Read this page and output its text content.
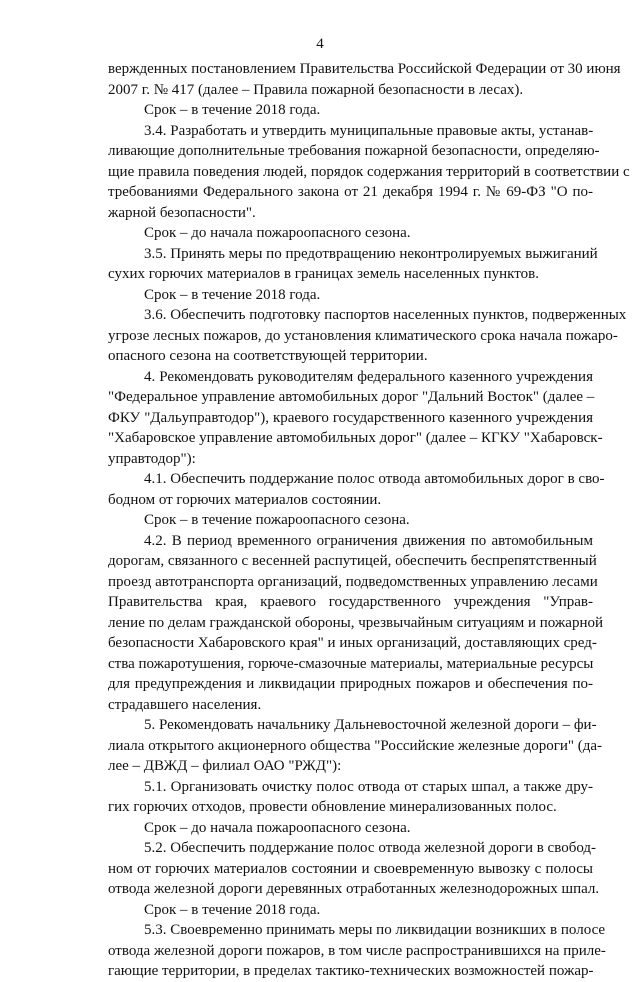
4
вержденных постановлением Правительства Российской Федерации от 30 июня
2007 г. № 417 (далее – Правила пожарной безопасности в лесах).
Срок – в течение 2018 года.
3.4. Разработать и утвердить муниципальные правовые акты, устанав-
ливающие дополнительные требования пожарной безопасности, определяю-
щие правила поведения людей, порядок содержания территорий в соответствии с
требованиями Федерального закона от 21 декабря 1994 г. № 69-ФЗ "О по-
жарной безопасности".
Срок – до начала пожароопасного сезона.
3.5. Принять меры по предотвращению неконтролируемых выжиганий
сухих горючих материалов в границах земель населенных пунктов.
Срок – в течение 2018 года.
3.6. Обеспечить подготовку паспортов населенных пунктов, подверженных
угрозе лесных пожаров, до установления климатического срока начала пожаро-
опасного сезона на соответствующей территории.
4. Рекомендовать руководителям федерального казенного учреждения
"Федеральное управление автомобильных дорог "Дальний Восток" (далее –
ФКУ "Дальуправтодор"), краевого государственного казенного учреждения
"Хабаровское управление автомобильных дорог" (далее – КГКУ "Хабаровск-
управтодор"):
4.1. Обеспечить поддержание полос отвода автомобильных дорог в сво-
бодном от горючих материалов состоянии.
Срок – в течение пожароопасного сезона.
4.2. В период временного ограничения движения по автомобильным
дорогам, связанного с весенней распутицей, обеспечить беспрепятственный
проезд автотранспорта организаций, подведомственных управлению лесами
Правительства края, краевого государственного учреждения "Управ-
ление по делам гражданской обороны, чрезвычайным ситуациям и пожарной
безопасности Хабаровского края" и иных организаций, доставляющих сред-
ства пожаротушения, горюче-смазочные материалы, материальные ресурсы
для предупреждения и ликвидации природных пожаров и обеспечения по-
страдавшего населения.
5. Рекомендовать начальнику Дальневосточной железной дороги – фи-
лиала открытого акционерного общества "Российские железные дороги" (да-
лее – ДВЖД – филиал ОАО "РЖД"):
5.1. Организовать очистку полос отвода от старых шпал, а также дру-
гих горючих отходов, провести обновление минерализованных полос.
Срок – до начала пожароопасного сезона.
5.2. Обеспечить поддержание полос отвода железной дороги в свобод-
ном от горючих материалов состоянии и своевременную вывозку с полосы
отвода железной дороги деревянных отработанных железнодорожных шпал.
Срок – в течение 2018 года.
5.3. Своевременно принимать меры по ликвидации возникших в полосе
отвода железной дороги пожаров, в том числе распространившихся на приле-
гающие территории, в пределах тактико-технических возможностей пожар-
